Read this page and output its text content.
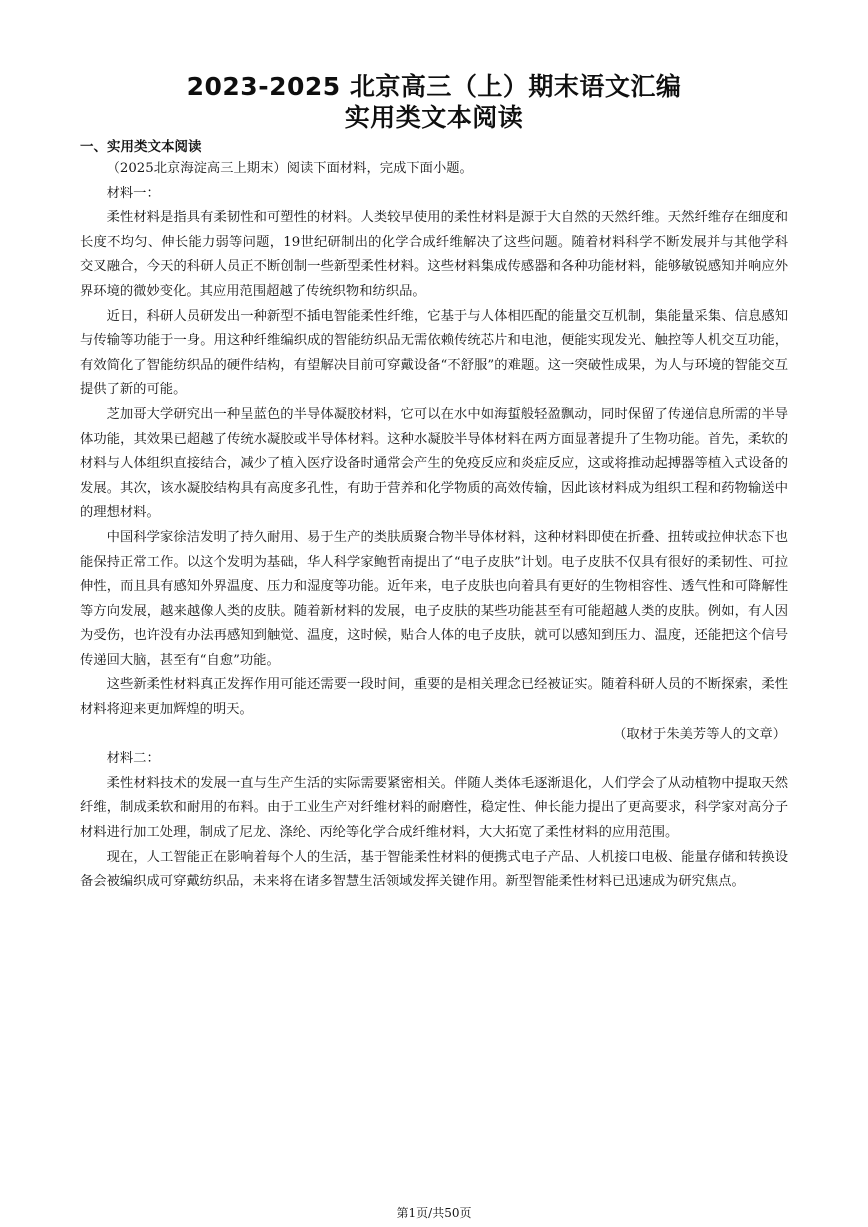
2023-2025 北京高三（上）期末语文汇编
实用类文本阅读
一、实用类文本阅读

（2025北京海淀高三上期末）阅读下面材料，完成下面小题。

材料一：

柔性材料是指具有柔韧性和可塑性的材料。人类较早使用的柔性材料是源于大自然的天然纤维。天然纤维存在细度和长度不均匀、伸长能力弱等问题，19世纪研制出的化学合成纤维解决了这些问题。随着材料科学不断发展并与其他学科交叉融合，今天的科研人员正不断创制一些新型柔性材料。这些材料集成传感器和各种功能材料，能够敏锐感知并响应外界环境的微妙变化。其应用范围超越了传统织物和纺织品。

近日，科研人员研发出一种新型不插电智能柔性纤维，它基于与人体相匹配的能量交互机制，集能量采集、信息感知与传输等功能于一身。用这种纤维编织成的智能纺织品无需依赖传统芯片和电池，便能实现发光、触控等人机交互功能，有效简化了智能纺织品的硬件结构，有望解决目前可穿戴设备“不舒服”的难题。这一突破性成果，为人与环境的智能交互提供了新的可能。

芝加哥大学研究出一种呈蓝色的半导体凝胶材料，它可以在水中如海蜇般轻盈飘动，同时保留了传递信息所需的半导体功能，其效果已超越了传统水凝胶或半导体材料。这种水凝胶半导体材料在两方面显著提升了生物功能。首先，柔软的材料与人体组织直接结合，减少了植入医疗设备时通常会产生的免疫反应和炎症反应，这或将推动起搏器等植入式设备的发展。其次，该水凝胶结构具有高度多孔性，有助于营养和化学物质的高效传输，因此该材料成为组织工程和药物输送中的理想材料。

中国科学家徐洁发明了持久耐用、易于生产的类肤质聚合物半导体材料，这种材料即使在折叠、扭转或拉伸状态下也能保持正常工作。以这个发明为基础，华人科学家鲍哲南提出了“电子皮肤”计划。电子皮肤不仅具有很好的柔韧性、可拉伸性，而且具有感知外界温度、压力和湿度等功能。近年来，电子皮肤也向着具有更好的生物相容性、透气性和可降解性等方向发展，越来越像人类的皮肤。随着新材料的发展，电子皮肤的某些功能甚至有可能超越人类的皮肤。例如，有人因为受伤，也许没有办法再感知到触觉、温度，这时候，贴合人体的电子皮肤，就可以感知到压力、温度，还能把这个信号传递回大脑，甚至有“自愈”功能。

这些新柔性材料真正发挥作用可能还需要一段时间，重要的是相关理念已经被证实。随着科研人员的不断探索，柔性材料将迎来更加辉煌的明天。

（取材于朱美芳等人的文章）

材料二：

柔性材料技术的发展一直与生产生活的实际需要紧密相关。伴随人类体毛逐渐退化，人们学会了从动植物中提取天然纤维，制成柔软和耐用的布料。由于工业生产对纤维材料的耐磨性，稳定性、伸长能力提出了更高要求，科学家对高分子材料进行加工处理，制成了尼龙、涤纶、丙纶等化学合成纤维材料，大大拓宽了柔性材料的应用范围。

现在，人工智能正在影响着每个人的生活，基于智能柔性材料的便携式电子产品、人机接口电极、能量存储和转换设备会被编织成可穿戴纺织品，未来将在诸多智慧生活领域发挥关键作用。新型智能柔性材料已迅速成为研究焦点。

第1页/共50页
